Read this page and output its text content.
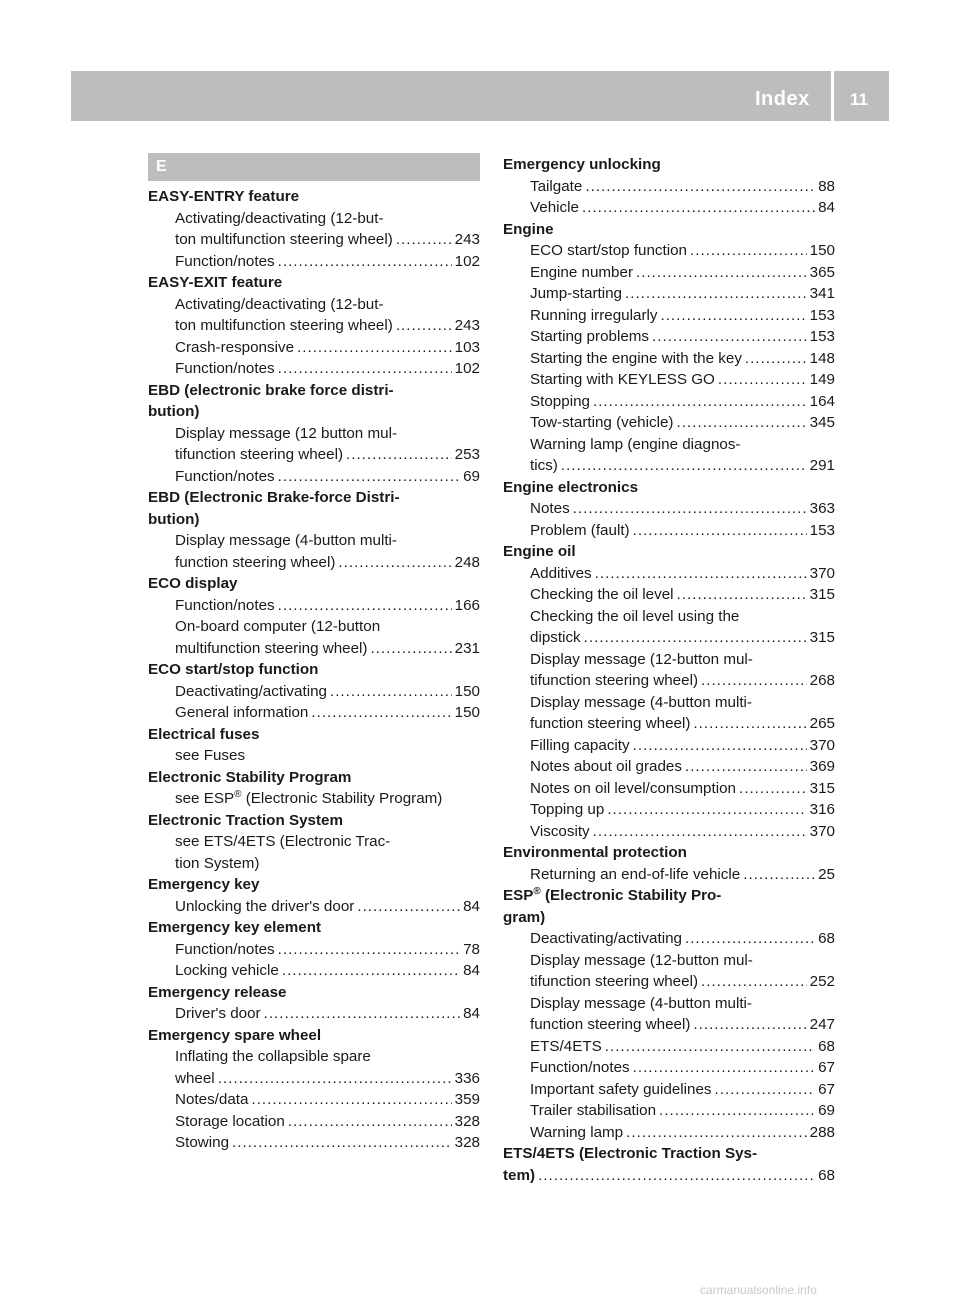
Index 11
E
EASY-ENTRY feature
Activating/deactivating (12-but-
ton multifunction steering wheel) .....	243
Function/notes .....	102
EASY-EXIT feature
Activating/deactivating (12-but-
ton multifunction steering wheel) .....	243
Crash-responsive .....	103
Function/notes .....	102
EBD (electronic brake force distri-
bution)
Display message (12 button mul-
tifunction steering wheel) .....	253
Function/notes .....	69
EBD (Electronic Brake-force Distri-
bution)
Display message (4-button multi-
function steering wheel) .....	248
ECO display
Function/notes .....	166
On-board computer (12-button
multifunction steering wheel) .....	231
ECO start/stop function
Deactivating/activating .....	150
General information .....	150
Electrical fuses
see Fuses
Electronic Stability Program
see ESP® (Electronic Stability Program)
Electronic Traction System
see ETS/4ETS (Electronic Trac-
tion System)
Emergency key
Unlocking the driver's door .....	84
Emergency key element
Function/notes .....	78
Locking vehicle .....	84
Emergency release
Driver's door .....	84
Emergency spare wheel
Inflating the collapsible spare
wheel .....	336
Notes/data .....	359
Storage location .....	328
Stowing .....	328
Emergency unlocking
Tailgate .....	88
Vehicle .....	84
Engine
ECO start/stop function .....	150
Engine number .....	365
Jump-starting .....	341
Running irregularly .....	153
Starting problems .....	153
Starting the engine with the key .....	148
Starting with KEYLESS GO .....	149
Stopping .....	164
Tow-starting (vehicle) .....	345
Warning lamp (engine diagnos-
tics) .....	291
Engine electronics
Notes .....	363
Problem (fault) .....	153
Engine oil
Additives .....	370
Checking the oil level .....	315
Checking the oil level using the
dipstick .....	315
Display message (12-button mul-
tifunction steering wheel) .....	268
Display message (4-button multi-
function steering wheel) .....	265
Filling capacity .....	370
Notes about oil grades .....	369
Notes on oil level/consumption .....	315
Topping up .....	316
Viscosity .....	370
Environmental protection
Returning an end-of-life vehicle .....	25
ESP® (Electronic Stability Pro-
gram)
Deactivating/activating .....	68
Display message (12-button mul-
tifunction steering wheel) .....	252
Display message (4-button multi-
function steering wheel) .....	247
ETS/4ETS .....	68
Function/notes .....	67
Important safety guidelines .....	67
Trailer stabilisation .....	69
Warning lamp .....	288
ETS/4ETS (Electronic Traction Sys-
tem) .....	68
carmanualsonline.info
